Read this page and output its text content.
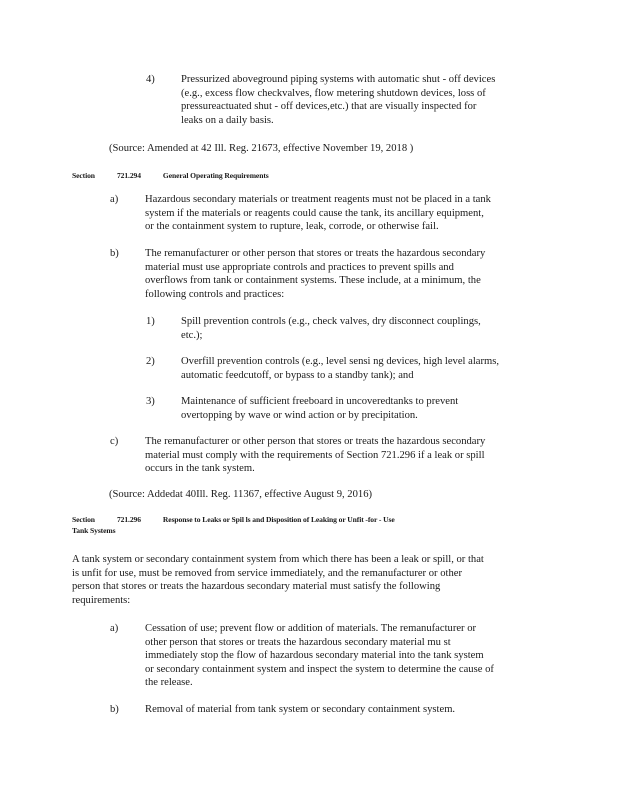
4) Pressurized aboveground piping systems with automatic shut - off devices
(e.g., excess flow checkvalves, flow metering shutdown devices, loss of
pressureactuated shut - off devices,etc.) that are visually inspected for
leaks on a daily basis.
(Source: Amended at 42 Ill. Reg. 21673, effective November 19, 2018 )
Section	721.294	General Operating Requirements
a)	Hazardous secondary materials or treatment reagents must not be placed in a tank
system if the materials or reagents could cause the tank, its ancillary equipment,
or the containment system to rupture, leak, corrode, or otherwise fail.
b) The remanufacturer or other person that stores or treats the hazardous secondary
material must use appropriate controls and practices to prevent spills and
overflows from tank or containment systems. These include, at a minimum, the
following controls and practices:
1) Spill prevention controls (e.g., check valves, dry disconnect couplings,
etc.);
2) Overfill prevention controls (e.g., level sensi ng devices, high level alarms,
automatic feedcutoff, or bypass to a standby tank); and
3) Maintenance of sufficient freeboard in uncoveredtanks to prevent
overtopping by wave or wind action or by precipitation.
c)	The remanufacturer or other person that stores or treats the hazardous secondary
material must comply with the requirements of Section 721.296 if a leak or spill
occurs in the tank system.
(Source: Addedat 40Ill. Reg. 11367, effective August 9, 2016)
Section	721.296	Response to Leaks or Spil ls and Disposition of Leaking or Unfit -for - Use
Tank Systems
A tank system or secondary containment system from which there has been a leak or spill, or that
is unfit for use, must be removed from service immediately, and the remanufacturer or other
person that stores or treats the hazardous secondary material must satisfy the following
requirements:
a)	Cessation of use; prevent flow or addition of materials. The remanufacturer or
other person that stores or treats the hazardous secondary material mu st
immediately stop the flow of hazardous secondary material into the tank system
or secondary containment system and inspect the system to determine the cause of
the release.
b) Removal of material from tank system or secondary containment system.
